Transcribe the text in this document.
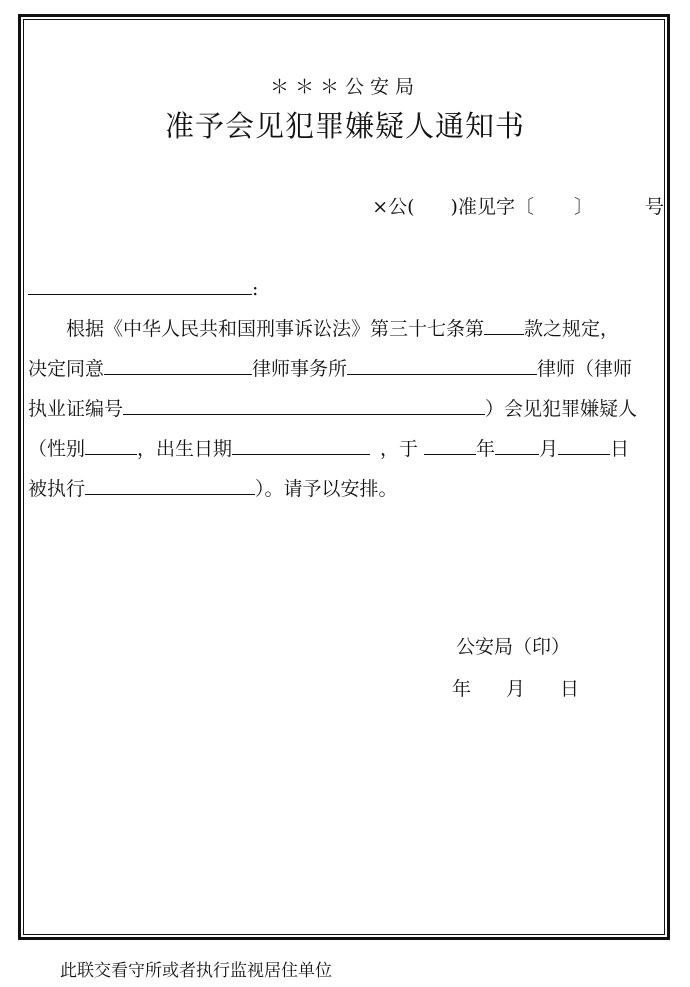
＊＊＊公安局
准予会见犯罪嫌疑人通知书
×公( )准见字〔 〕	号
:
根据《中华人民共和国刑事诉讼法》第三十七条第 款之规定，
决定同意	律师事务所	律师（律师
执业证编号	）会见犯罪嫌疑人
（性别	，出生日期	，于	年 月	日
被执行	）。请予以安排。
公安局（印）
年 月 日
此联交看守所或者执行监视居住单位
